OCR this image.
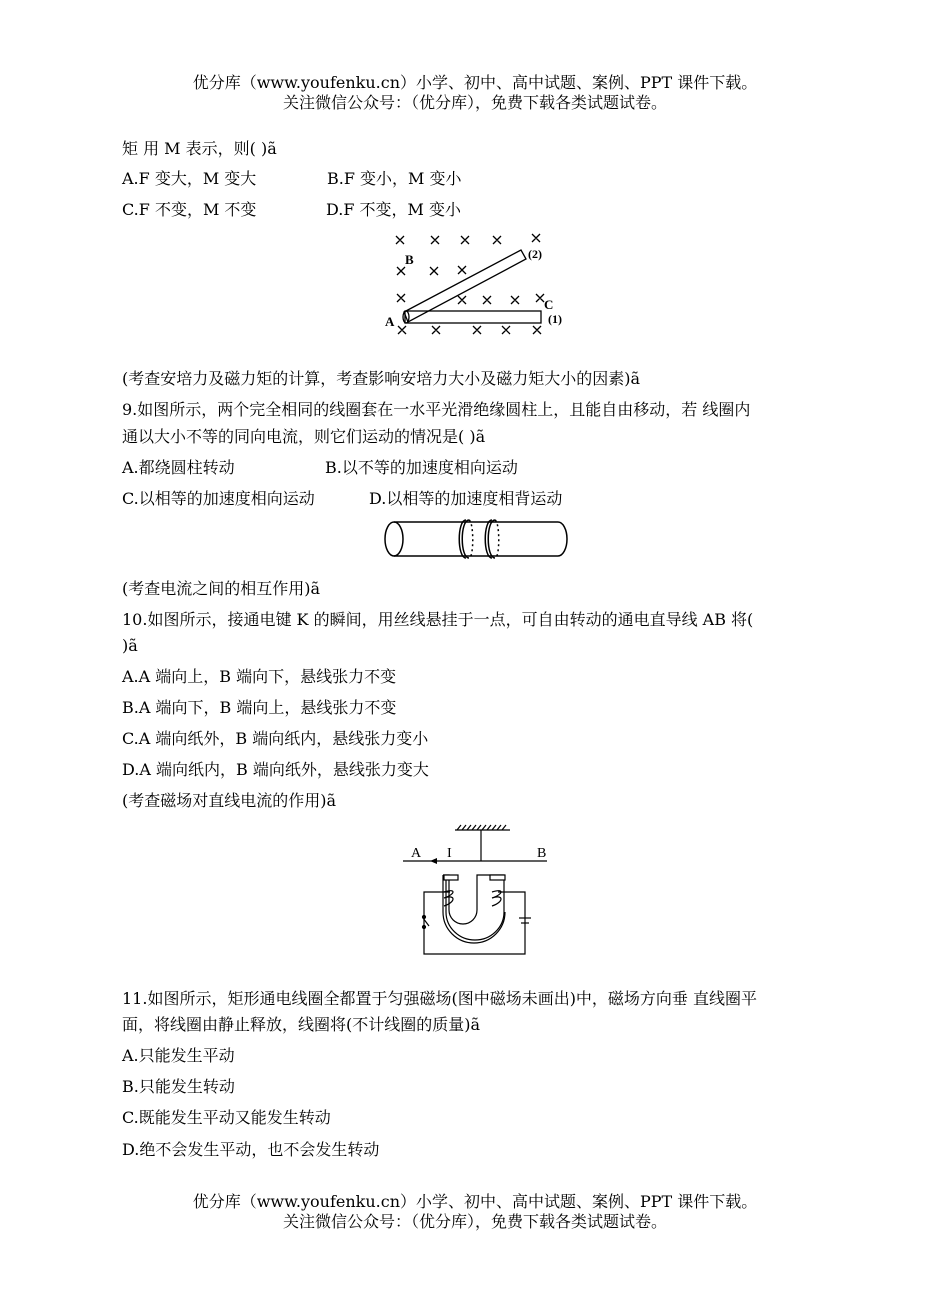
优分库（www.youfenku.cn）小学、初中、高中试题、案例、PPT 课件下载。
关注微信公众号：（优分库），免费下载各类试题试卷。
矩 用 M 表示，则( )ã
A.F 变大，M 变大	B.F 变小，M 变小
C.F 不变，M 不变	D.F 不变，M 变小
B
A
C
(1)
(2)
(考查安培力及磁力矩的计算，考查影响安培力大小及磁力矩大小的因素)ã
9.如图所示，两个完全相同的线圈套在一水平光滑绝缘圆柱上，且能自由移动，若 线圈内
通以大小不等的同向电流，则它们运动的情况是( )ã
A.都绕圆柱转动	B.以不等的加速度相向运动
C.以相等的加速度相向运动	D.以相等的加速度相背运动
(考查电流之间的相互作用)ã
10.如图所示，接通电键 K 的瞬间，用丝线悬挂于一点，可自由转动的通电直导线 AB 将(
)ã
A.A 端向上，B 端向下，悬线张力不变
B.A 端向下，B 端向上，悬线张力不变
C.A 端向纸外，B 端向纸内，悬线张力变小
D.A 端向纸内，B 端向纸外，悬线张力变大
(考查磁场对直线电流的作用)ã
A I	B
11.如图所示，矩形通电线圈全都置于匀强磁场(图中磁场未画出)中，磁场方向垂 直线圈平
面，将线圈由静止释放，线圈将(不计线圈的质量)ã
A.只能发生平动
B.只能发生转动
C.既能发生平动又能发生转动
D.绝不会发生平动，也不会发生转动
优分库（www.youfenku.cn）小学、初中、高中试题、案例、PPT 课件下载。
关注微信公众号：（优分库），免费下载各类试题试卷。
